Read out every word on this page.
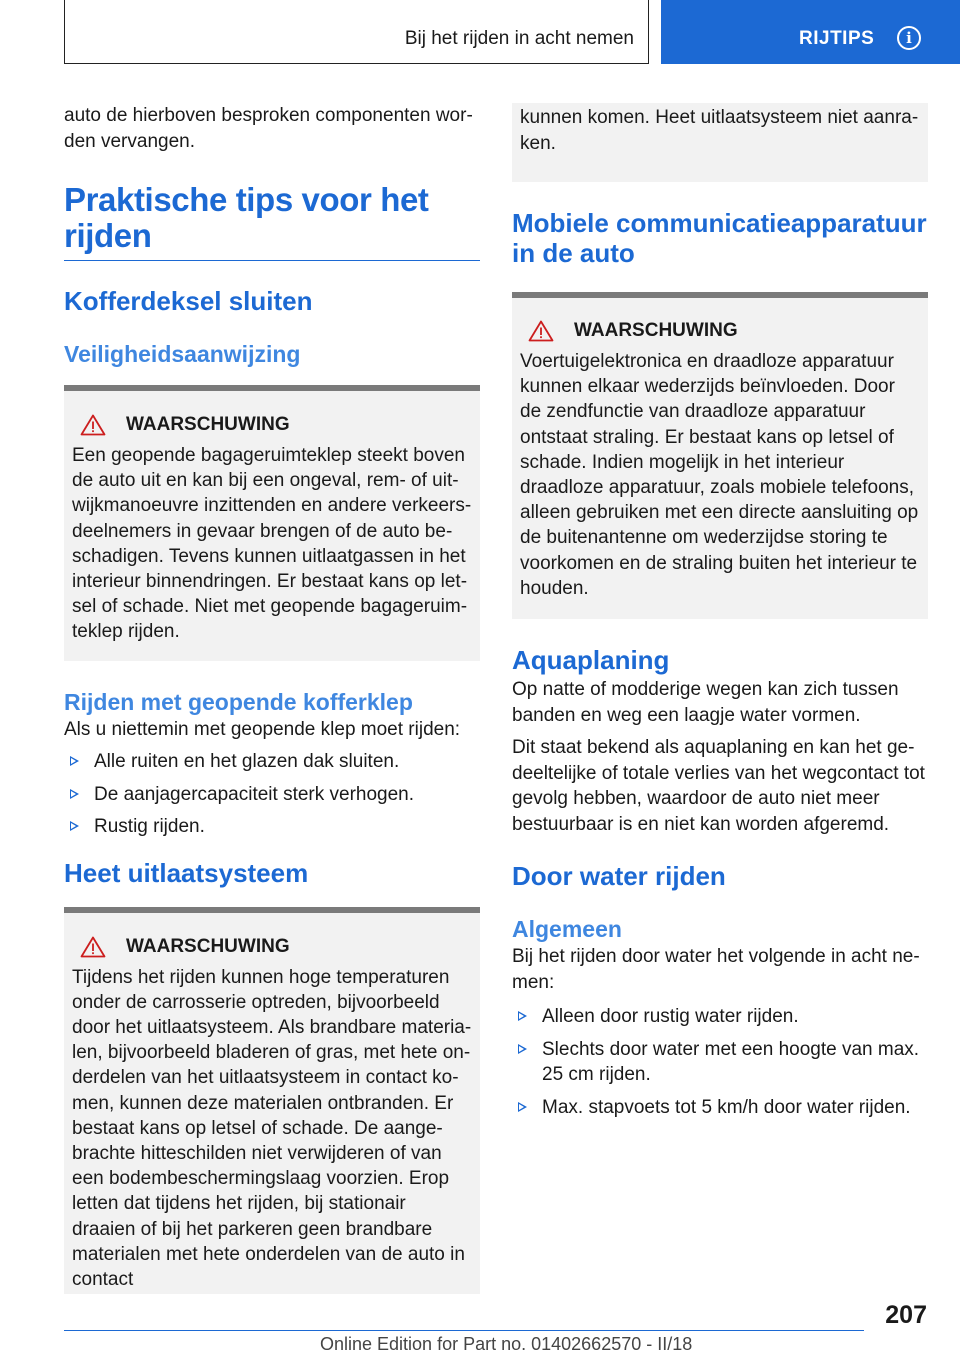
Bij het rijden in acht nemen	RIJTIPS	i

auto de hierboven besproken componenten worden vervangen.

Praktische tips voor het rijden
Kofferdeksel sluiten
Veiligheidsaanwijzing
WAARSCHUWING

Een geopende bagageruimteklep steekt boven de auto uit en kan bij een ongeval, rem- of uitwijkmanoeuvre inzittenden en andere verkeersdeelnemers in gevaar brengen of de auto beschadigen. Tevens kunnen uitlaatgassen in het interieur binnendringen. Er bestaat kans op letsel of schade. Niet met geopende bagageruimteklep rijden.

Rijden met geopende kofferklep

Als u niettemin met geopende klep moet rijden:

Alle ruiten en het glazen dak sluiten.
De aanjagercapaciteit sterk verhogen.
Rustig rijden.
Heet uitlaatsysteem
WAARSCHUWING

Tijdens het rijden kunnen hoge temperaturen onder de carrosserie optreden, bijvoorbeeld door het uitlaatsysteem. Als brandbare materialen, bijvoorbeeld bladeren of gras, met hete onderdelen van het uitlaatsysteem in contact komen, kunnen deze materialen ontbranden. Er bestaat kans op letsel of schade. De aangebrachte hitteschilden niet verwijderen of van een bodembeschermingslaag voorzien. Erop letten dat tijdens het rijden, bij stationair draaien of bij het parkeren geen brandbare materialen met hete onderdelen van de auto in contact

kunnen komen. Heet uitlaatsysteem niet aanraken.

Mobiele communicatieapparatuur in de auto
WAARSCHUWING

Voertuigelektronica en draadloze apparatuur kunnen elkaar wederzijds beïnvloeden. Door de zendfunctie van draadloze apparatuur ontstaat straling. Er bestaat kans op letsel of schade. Indien mogelijk in het interieur draadloze apparatuur, zoals mobiele telefoons, alleen gebruiken met een directe aansluiting op de buitenantenne om wederzijdse storing te voorkomen en de straling buiten het interieur te houden.

Aquaplaning

Op natte of modderige wegen kan zich tussen banden en weg een laagje water vormen.

Dit staat bekend als aquaplaning en kan het gedeeltelijke of totale verlies van het wegcontact tot gevolg hebben, waardoor de auto niet meer bestuurbaar is en niet kan worden afgeremd.

Door water rijden
Algemeen

Bij het rijden door water het volgende in acht nemen:

Alleen door rustig water rijden.
Slechts door water met een hoogte van max. 25 cm rijden.
Max. stapvoets tot 5 km/h door water rijden.
207
Online Edition for Part no. 01402662570 - II/18
